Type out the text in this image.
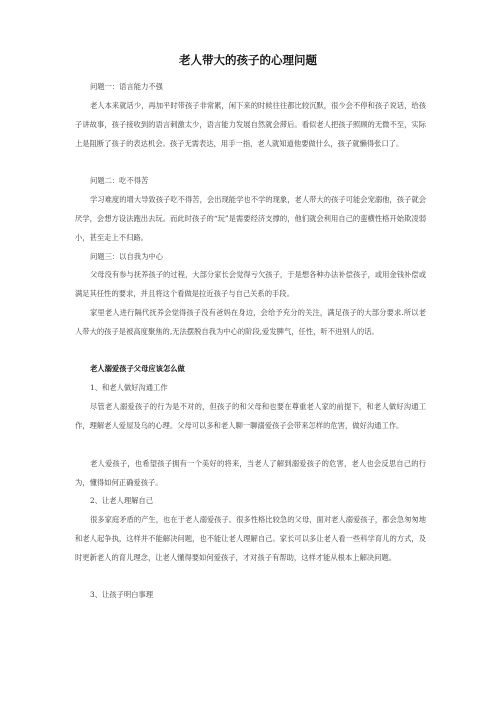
老人带大的孩子的心理问题

问题一：语言能力不强

老人本来就话少，再加平时带孩子非常累，闲下来的时候往往都比较沉默，很少会不停和孩子说话，给孩子讲故事，孩子接收到的语言刺激太少，语言能力发展自然就会滞后。看似老人把孩子照顾的无微不至，实际上是阻断了孩子的表达机会。孩子无需表达，用手一指，老人就知道他要做什么，孩子就懒得张口了。

问题二：吃不得苦

学习难度的增大导致孩子吃不得苦，会出现能学也不学的现象，老人带大的孩子可能会宠溺他，孩子就会厌学，会想方设法跑出去玩。而此时孩子的“玩”是需要经济支撑的，他们就会利用自己的蛮横性格开始欺凌弱小，甚至走上不归路。

问题三：以自我为中心

父母没有参与抚养孩子的过程，大部分家长会觉得亏欠孩子，于是想各种办法补偿孩子，或用金钱补偿或满足其任性的要求，并且将这个看做是拉近孩子与自己关系的手段。

家里老人进行隔代抚养会觉得孩子没有爸妈在身边，会给予充分的关注，满足孩子的大部分要求.所以老人带大的孩子是被高度聚焦的,无法摆脱自我为中心的阶段,爱发脾气，任性，听不进别人的话。

老人溺爱孩子父母应该怎么做

1、和老人做好沟通工作

尽管老人溺爱孩子的行为是不对的，但孩子的和父母和也要在尊重老人家的前提下，和老人做好沟通工作，理解老人爱屋及乌的心理。父母可以多和老人聊一聊溺爱孩子会带来怎样的危害，做好沟通工作。

老人爱孩子，也希望孩子拥有一个美好的将来，当老人了解到溺爱孩子的危害，老人也会反思自己的行为，懂得如何正确爱孩子。

2、让老人理解自己

很多家庭矛盾的产生，也在于老人溺爱孩子。很多性格比较急的父母，面对老人溺爱孩子，都会急匆匆地和老人起争执，这样并不能解决问题，也不能让老人理解自己。家长可以多让老人看一些科学育儿的方式，及时更新老人的育儿理念，让老人懂得要如何爱孩子，才对孩子有帮助，这样才能从根本上解决问题。

3、让孩子明白事理
